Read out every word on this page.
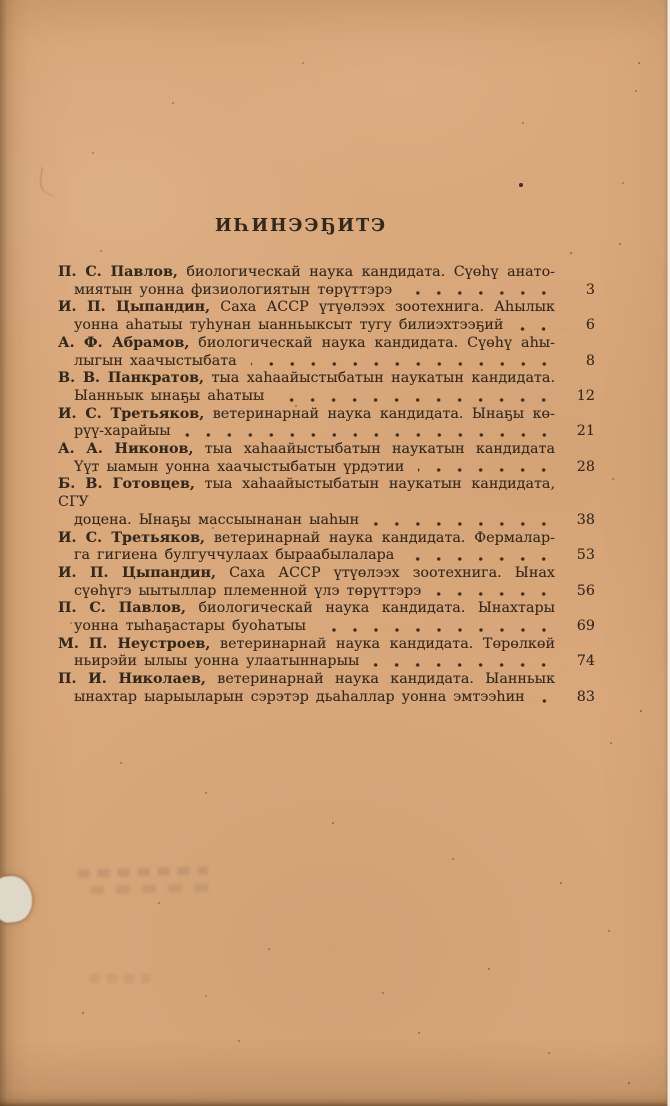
ИҺИНЭЭҔИТЭ
П. С. Павлов, биологическай наука кандидата. Сүөһү анато-
миятын уонна физиологиятын төрүттэрэ	3
И. П. Цыпандин, Саха АССР үтүөлээх зоотехнига. Аһылык
уонна аһатыы туһунан ыанньыксыт тугу билиэхтээҕий	6
А. Ф. Абрамов, биологическай наука кандидата. Сүөһү аһы-
лыгын хаачыстыбата	8
В. В. Панкратов, тыа хаһаайыстыбатын наукатын кандидата.
Ыанньык ынаҕы аһатыы	12
И. С. Третьяков, ветеринарнай наука кандидата. Ынаҕы кө-
рүү-харайыы	21
А. А. Никонов, тыа хаһаайыстыбатын наукатын кандидата
Үүт ыамын уонна хаачыстыбатын үрдэтии	28
Б. В. Готовцев, тыа хаһаайыстыбатын наукатын кандидата, СГУ
доцена. Ынаҕы массыынанан ыаһын	38
И. С. Третьяков, ветеринарнай наука кандидата. Фермалар-
га гигиена булгуччулаах быраабылалара	53
И. П. Цыпандин, Саха АССР үтүөлээх зоотехнига. Ынах
сүөһүгэ ыытыллар племенной үлэ төрүттэрэ	56
П. С. Павлов, биологическай наука кандидата. Ынахтары
уонна тыһаҕастары буоһатыы	69
М. П. Неустроев, ветеринарнай наука кандидата. Төрөлкөй
ньирэйи ылыы уонна улаатыннарыы	74
П. И. Николаев, ветеринарнай наука кандидата. Ыанньык
ынахтар ыарыыларын сэрэтэр дьаһаллар уонна эмтээһин	83
